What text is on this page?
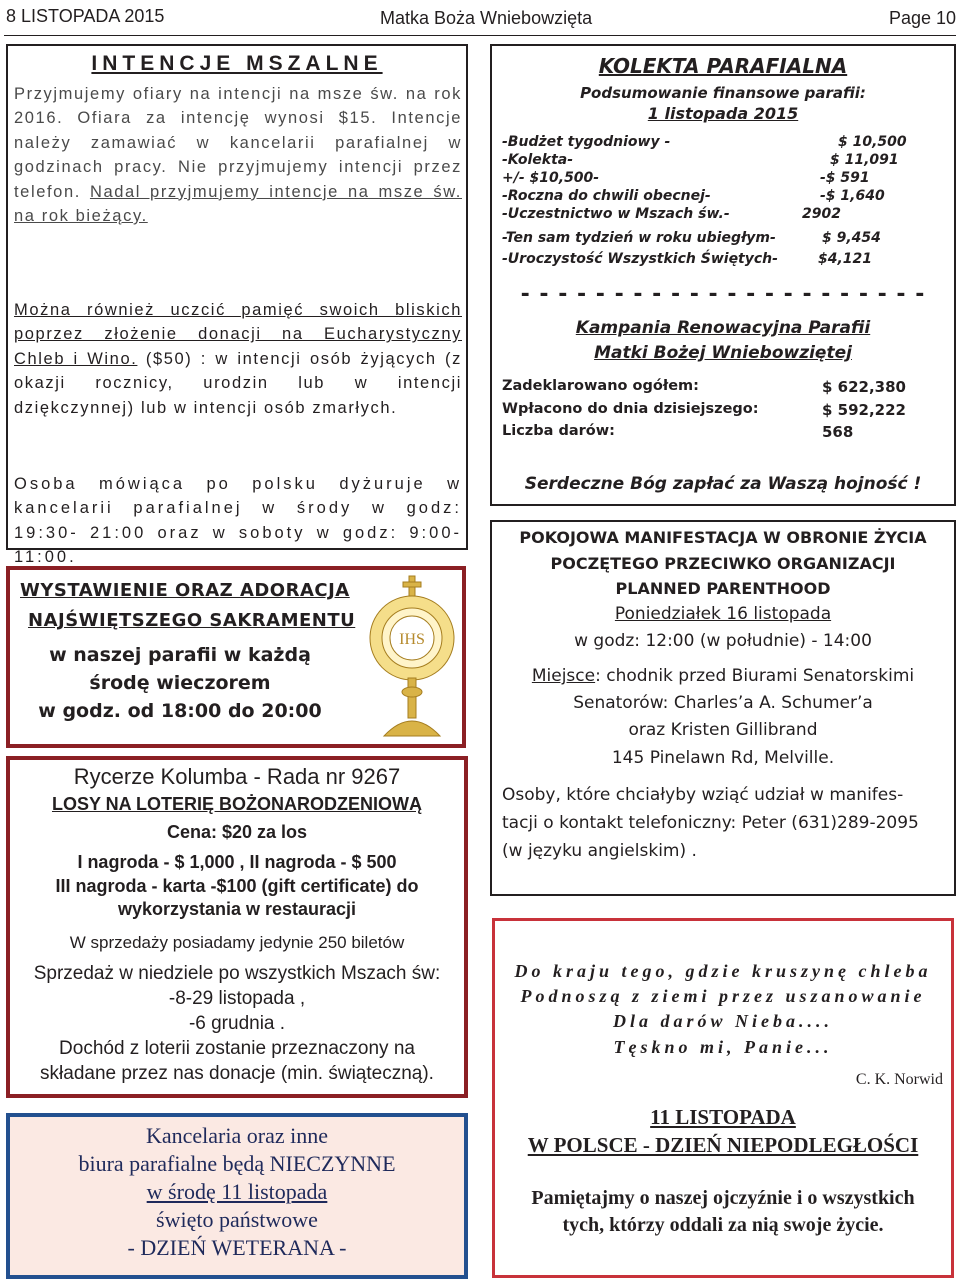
8 LISTOPADA 2015	Matka Boża Wniebowzięta	Page 10
INTENCJE MSZALNE

Przyjmujemy ofiary na intencji na msze św. na rok 2016. Ofiara za intencję wynosi $15. Intencje należy zamawiać w kancelarii parafialnej w godzinach pracy. Nie przyjmujemy intencji przez telefon. Nadal przyjmujemy intencje na msze św. na rok bieżący.

Można również uczcić pamięć swoich bliskich poprzez złożenie donacji na Eucharystyczny Chleb i Wino. ($50) : w intencji osób żyjących (z okazji rocznicy, urodzin lub w intencji dziękczynnej) lub w intencji osób zmarłych.

Osoba mówiąca po polsku dyżuruje w kancelarii parafialnej w środy w godz: 19:30- 21:00 oraz w soboty w godz: 9:00-11:00.

WYSTAWIENIE ORAZ ADORACJA
NAJŚWIĘTSZEGO SAKRAMENTU
w naszej parafii w każdą
środę wieczorem
w godz. od 18:00 do 20:00
IHS
Rycerze Kolumba - Rada nr 9267
LOSY NA LOTERIĘ BOŻONARODZENIOWĄ
Cena: $20 za los
I nagroda - $ 1,000 , II nagroda - $ 500
III nagroda - karta -$100 (gift certificate) do
wykorzystania w restauracji
W sprzedaży posiadamy jedynie 250 biletów
Sprzedaż w niedziele po wszystkich Mszach św:
-8-29 listopada ,
-6 grudnia .
Dochód z loterii zostanie przeznaczony na
składane przez nas donacje (min. świąteczną).
Kancelaria oraz inne
biura parafialne będą NIECZYNNE
w środę 11 listopada
święto państwowe
- DZIEŃ WETERANA -
KOLEKTA PARAFIALNA
Podsumowanie finansowe parafii:
1 listopada 2015
-Budżet tygodniowy -	$ 10,500
-Kolekta-	$ 11,091
+/- $10,500-	-$ 591
-Roczna do chwili obecnej-	-$ 1,640
-Uczestnictwo w Mszach św.-	2902
-Ten sam tydzień w roku ubiegłym-	$ 9,454
-Uroczystość Wszystkich Świętych-	$4,121
- - - - - - - - - - - - - - - - - - - - - -
Kampania Renowacyjna Parafii
Matki Bożej Wniebowziętej
Zadeklarowano ogółem:	$ 622,380
Wpłacono do dnia dzisiejszego:	$ 592,222
Liczba darów:	568
Serdeczne Bóg zapłać za Waszą hojność !
POKOJOWA MANIFESTACJA W OBRONIE ŻYCIA
POCZĘTEGO PRZECIWKO ORGANIZACJI
PLANNED PARENTHOOD
Poniedziałek 16 listopada
w godz: 12:00 (w południe) - 14:00
Miejsce: chodnik przed Biurami Senatorskimi
Senatorów: Charles’a A. Schumer’a
oraz Kristen Gillibrand
145 Pinelawn Rd, Melville.
Osoby, które chciałyby wziąć udział w manifes-
tacji o kontakt telefoniczny: Peter (631)289-2095
(w języku angielskim) .
Do kraju tego, gdzie kruszynę chleba
Podnoszą z ziemi przez uszanowanie
Dla darów Nieba....
Tęskno mi, Panie...
C. K. Norwid
11 LISTOPADA
W POLSCE - DZIEŃ NIEPODLEGŁOŚCI
Pamiętajmy o naszej ojczyźnie i o wszystkich
tych, którzy oddali za nią swoje życie.
